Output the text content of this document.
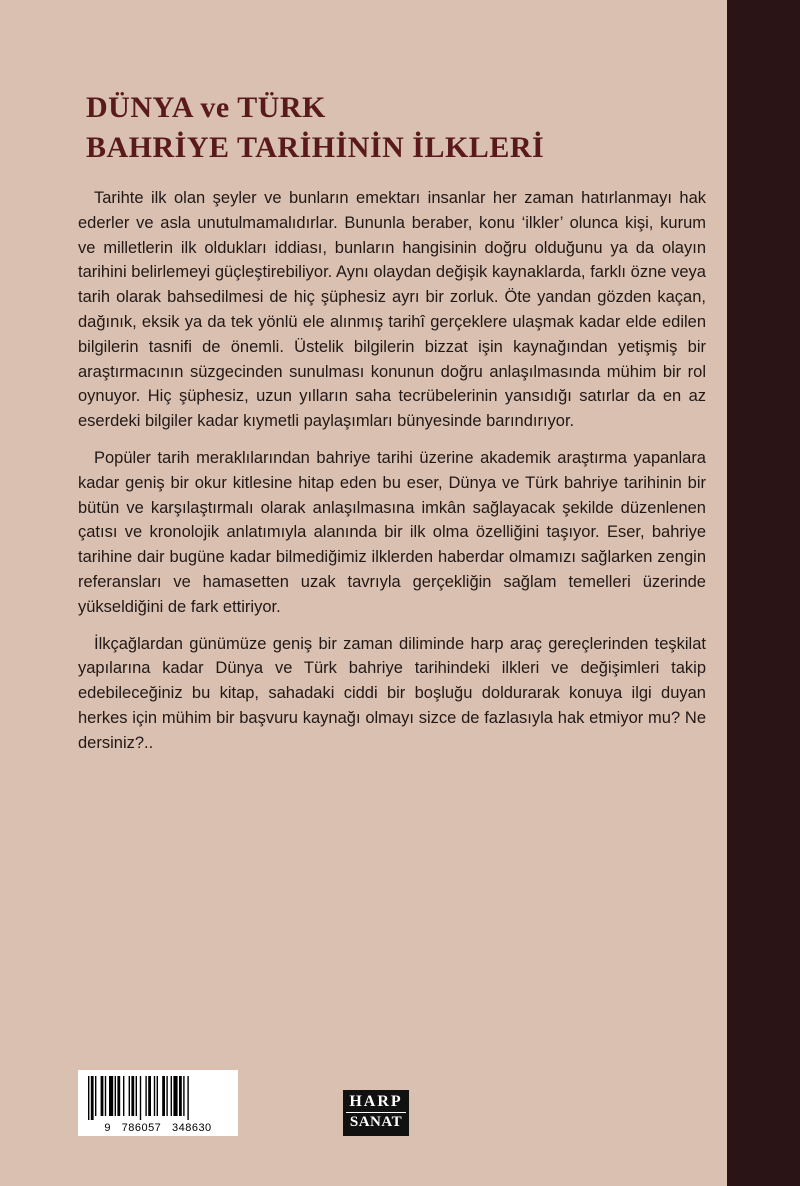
DÜNYA ve TÜRK
BAHRİYE TARİHİNİN İLKLERİ

Tarihte ilk olan şeyler ve bunların emektarı insanlar her zaman hatırlanmayı hak ederler ve asla unutulmamalıdırlar. Bununla beraber, konu ‘ilkler’ olunca kişi, kurum ve milletlerin ilk oldukları iddiası, bunların hangisinin doğru olduğunu ya da olayın tarihini belirlemeyi güçleştirebiliyor. Aynı olaydan değişik kaynaklarda, farklı özne veya tarih olarak bahsedilmesi de hiç şüphesiz ayrı bir zorluk. Öte yandan gözden kaçan, dağınık, eksik ya da tek yönlü ele alınmış tarihî gerçeklere ulaşmak kadar elde edilen bilgilerin tasnifi de önemli. Üstelik bilgilerin bizzat işin kaynağından yetişmiş bir araştırmacının süzgecinden sunulması konunun doğru anlaşılmasında mühim bir rol oynuyor. Hiç şüphesiz, uzun yılların saha tecrübelerinin yansıdığı satırlar da en az eserdeki bilgiler kadar kıymetli paylaşımları bünyesinde barındırıyor.

Popüler tarih meraklılarından bahriye tarihi üzerine akademik araştırma yapanlara kadar geniş bir okur kitlesine hitap eden bu eser, Dünya ve Türk bahriye tarihinin bir bütün ve karşılaştırmalı olarak anlaşılmasına imkân sağlayacak şekilde düzenlenen çatısı ve kronolojik anlatımıyla alanında bir ilk olma özelliğini taşıyor. Eser, bahriye tarihine dair bugüne kadar bilmediğimiz ilklerden haberdar olmamızı sağlarken zengin referansları ve hamasetten uzak tavrıyla gerçekliğin sağlam temelleri üzerinde yükseldiğini de fark ettiriyor.

İlkçağlardan günümüze geniş bir zaman diliminde harp araç gereçlerinden teşkilat yapılarına kadar Dünya ve Türk bahriye tarihindeki ilkleri ve değişimleri takip edebileceğiniz bu kitap, sahadaki ciddi bir boşluğu doldurarak konuya ilgi duyan herkes için mühim bir başvuru kaynağı olmayı sizce de fazlasıyla hak etmiyor mu? Ne dersiniz?..

9   786057   348630
HARP
SANAT
